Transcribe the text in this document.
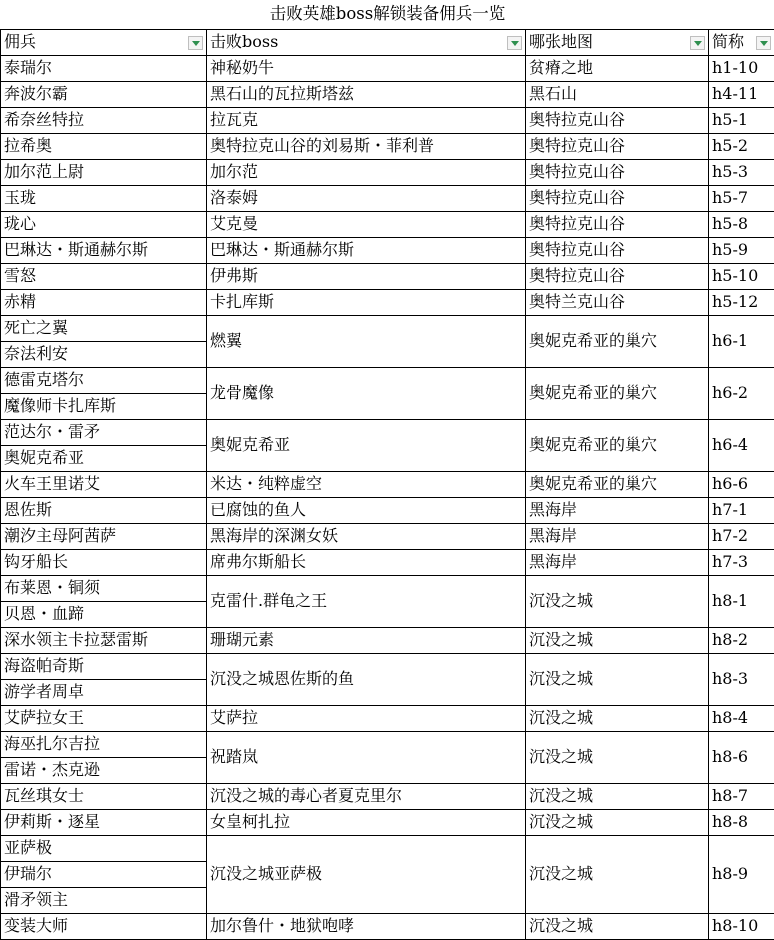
击败英雄boss解锁装备佣兵一览			
佣兵	击败boss	哪张地图	简称

泰瑞尔	神秘奶牛	贫瘠之地	h1-10
奔波尔霸	黑石山的瓦拉斯塔兹	黑石山	h4-11
希奈丝特拉	拉瓦克	奥特拉克山谷	h5-1
拉希奥	奥特拉克山谷的刘易斯・菲利普	奥特拉克山谷	h5-2
加尔范上尉	加尔范	奥特拉克山谷	h5-3
玉珑	洛泰姆	奥特拉克山谷	h5-7
珑心	艾克曼	奥特拉克山谷	h5-8
巴琳达・斯通赫尔斯	巴琳达・斯通赫尔斯	奥特拉克山谷	h5-9
雪怒	伊弗斯	奥特拉克山谷	h5-10
赤精	卡扎库斯	奥特兰克山谷	h5-12
死亡之翼	燃翼	奥妮克希亚的巢穴	h6-1
奈法利安			
德雷克塔尔	龙骨魔像	奥妮克希亚的巢穴	h6-2
魔像师卡扎库斯			
范达尔・雷矛	奥妮克希亚	奥妮克希亚的巢穴	h6-4
奥妮克希亚			
火车王里诺艾	米达・纯粹虚空	奥妮克希亚的巢穴	h6-6
恩佐斯	已腐蚀的鱼人	黑海岸	h7-1
潮汐主母阿茜萨	黑海岸的深渊女妖	黑海岸	h7-2
钩牙船长	席弗尔斯船长	黑海岸	h7-3
布莱恩・铜须	克雷什.群龟之王	沉没之城	h8-1
贝恩・血蹄			
深水领主卡拉瑟雷斯	珊瑚元素	沉没之城	h8-2
海盗帕奇斯	沉没之城恩佐斯的鱼	沉没之城	h8-3
游学者周卓			
艾萨拉女王	艾萨拉	沉没之城	h8-4
海巫扎尔吉拉	祝踏岚	沉没之城	h8-6
雷诺・杰克逊			
瓦丝琪女士	沉没之城的毒心者夏克里尔	沉没之城	h8-7
伊莉斯・逐星	女皇柯扎拉	沉没之城	h8-8
亚萨极	沉没之城亚萨极	沉没之城	h8-9
伊瑞尔			
滑矛领主			
变装大师	加尔鲁什・地狱咆哮	沉没之城	h8-10
